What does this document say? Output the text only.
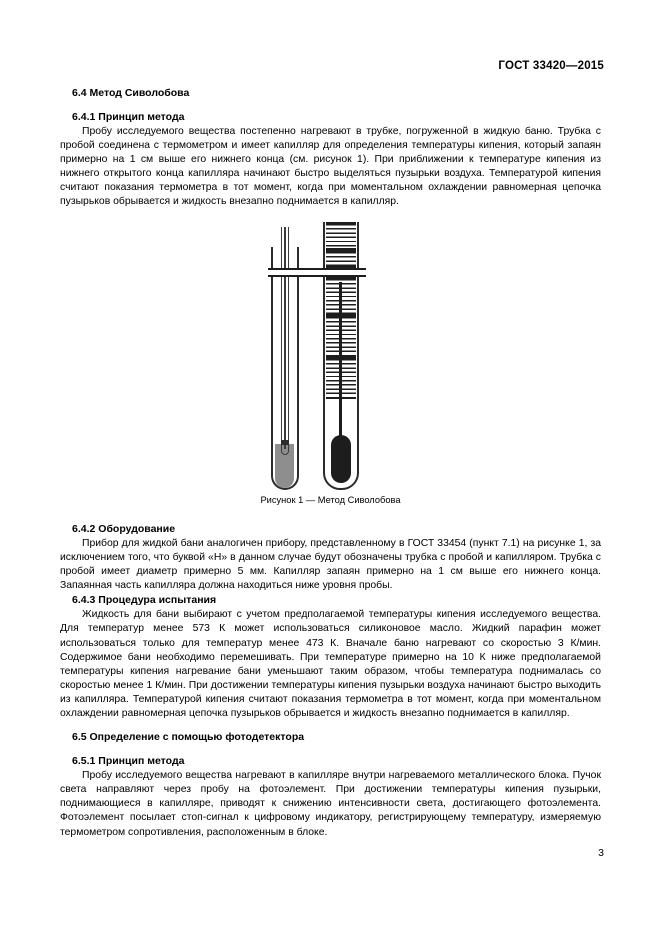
ГОСТ 33420—2015
6.4 Метод Сиволобова
6.4.1 Принцип метода

Пробу исследуемого вещества постепенно нагревают в трубке, погруженной в жидкую баню. Трубка с пробой соединена с термометром и имеет капилляр для определения температуры кипения, который запаян примерно на 1 см выше его нижнего конца (см. рисунок 1). При приближении к температуре кипения из нижнего открытого конца капилляра начинают быстро выделяться пузырьки воздуха. Температурой кипения считают показания термометра в тот момент, когда при моментальном охлаждении равномерная цепочка пузырьков обрывается и жидкость внезапно поднимается в капилляр.

Рисунок 1 — Метод Сиволобова
6.4.2 Оборудование

Прибор для жидкой бани аналогичен прибору, представленному в ГОСТ 33454 (пункт 7.1) на рисунке 1, за исключением того, что буквой «Н» в данном случае будут обозначены трубка с пробой и капилляром. Трубка с пробой имеет диаметр примерно 5 мм. Капилляр запаян примерно на 1 см выше его нижнего конца. Запаянная часть капилляра должна находиться ниже уровня пробы.

6.4.3 Процедура испытания

Жидкость для бани выбирают с учетом предполагаемой температуры кипения исследуемого вещества. Для температур менее 573 К может использоваться силиконовое масло. Жидкий парафин может использоваться только для температур менее 473 К. Вначале баню нагревают со скоростью 3 К/мин. Содержимое бани необходимо перемешивать. При температуре примерно на 10 К ниже предполагаемой температуры кипения нагревание бани уменьшают таким образом, чтобы температура поднималась со скоростью менее 1 К/мин. При достижении температуры кипения пузырьки воздуха начинают быстро выходить из капилляра. Температурой кипения считают показания термометра в тот момент, когда при моментальном охлаждении равномерная цепочка пузырьков обрывается и жидкость внезапно поднимается в капилляр.

6.5 Определение с помощью фотодетектора
6.5.1 Принцип метода

Пробу исследуемого вещества нагревают в капилляре внутри нагреваемого металлического блока. Пучок света направляют через пробу на фотоэлемент. При достижении температуры кипения пузырьки, поднимающиеся в капилляре, приводят к снижению интенсивности света, достигающего фотоэлемента. Фотоэлемент посылает стоп-сигнал к цифровому индикатору, регистрирующему температуру, измеряемую термометром сопротивления, расположенным в блоке.

3
